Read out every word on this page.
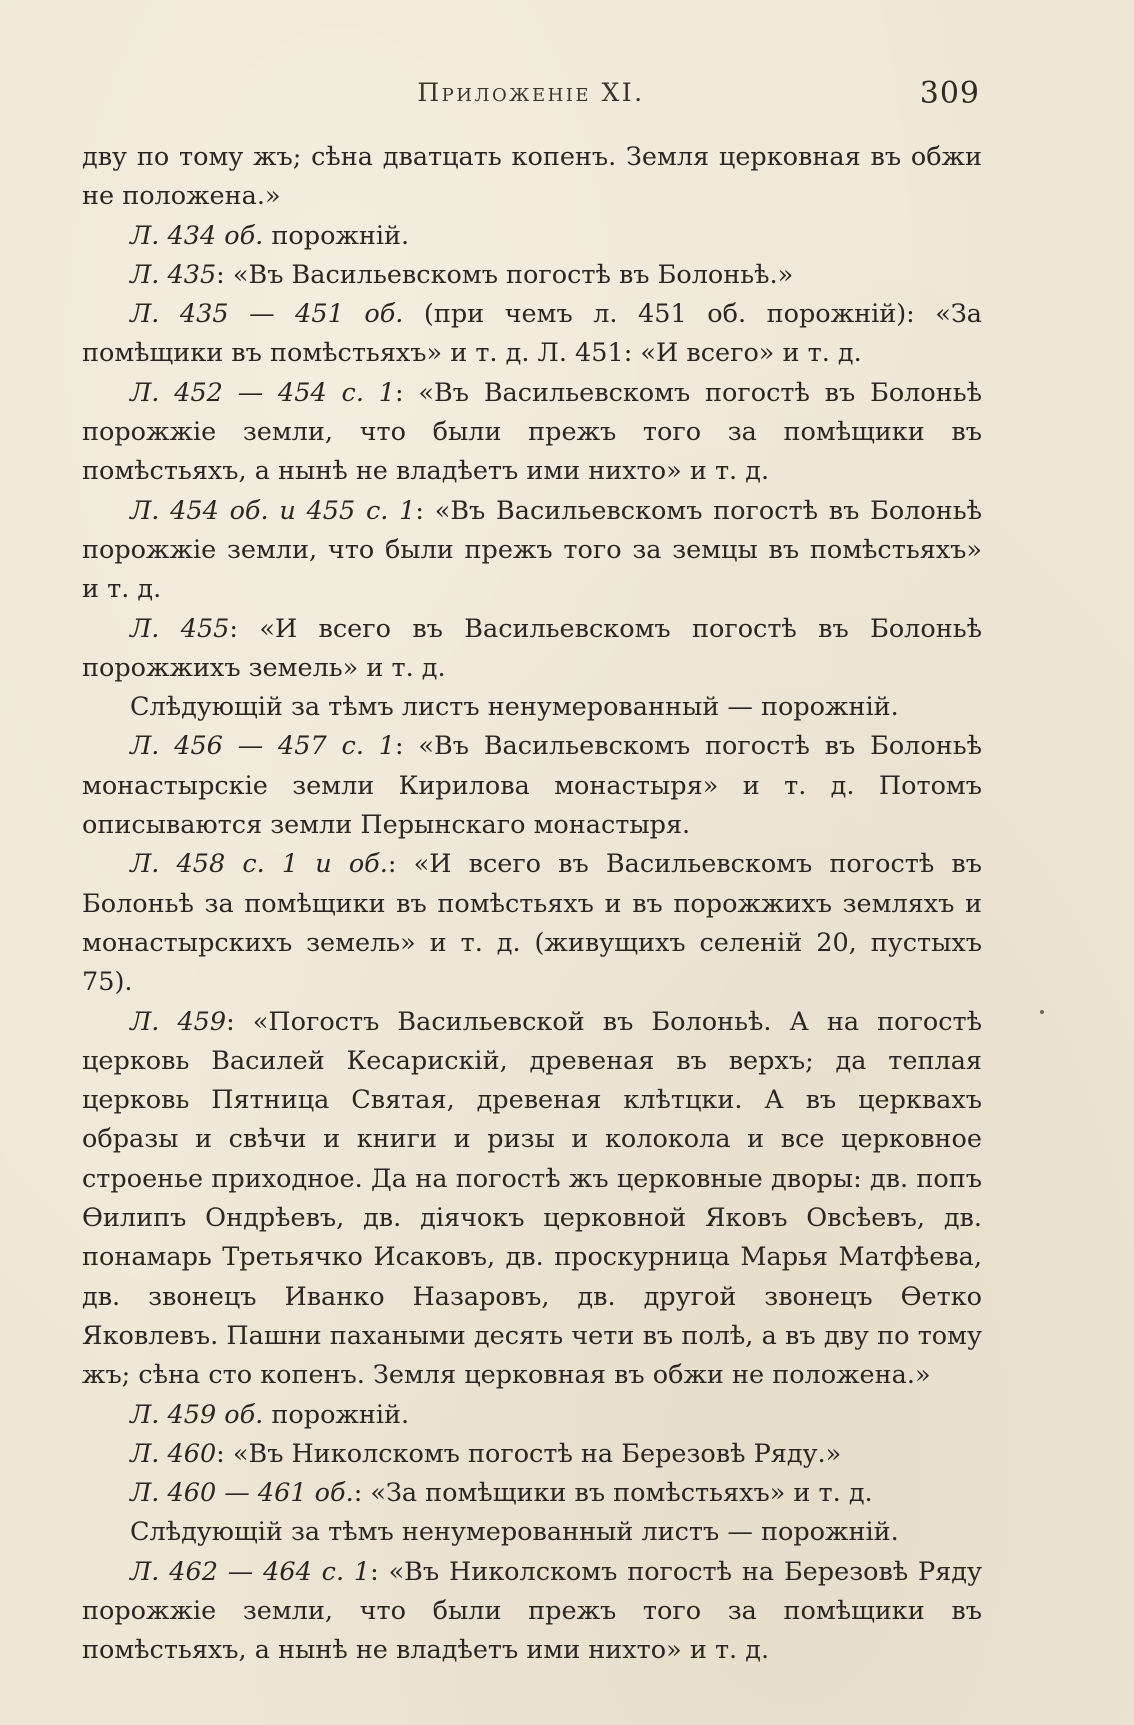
Приложеніе XI.	309

дву по тому жъ; сѣна дватцать копенъ. Земля церковная въ обжи не положена.»

Л. 434 об. порожній.

Л. 435: «Въ Васильевскомъ погостѣ въ Болоньѣ.»

Л. 435 — 451 об. (при чемъ л. 451 об. порожній): «За помѣщики въ помѣстьяхъ» и т. д. Л. 451: «И всего» и т. д.

Л. 452 — 454 с. 1: «Въ Васильевскомъ погостѣ въ Болоньѣ порожжіе земли, что были прежъ того за помѣщики въ помѣстьяхъ, а нынѣ не владѣетъ ими нихто» и т. д.

Л. 454 об. и 455 с. 1: «Въ Васильевскомъ погостѣ въ Болоньѣ порожжіе земли, что были прежъ того за земцы въ помѣстьяхъ» и т. д.

Л. 455: «И всего въ Васильевскомъ погостѣ въ Болоньѣ порожжихъ земель» и т. д.

Слѣдующій за тѣмъ листъ ненумерованный — порожній.

Л. 456 — 457 с. 1: «Въ Васильевскомъ погостѣ въ Болоньѣ монастырскіе земли Кирилова монастыря» и т. д. Потомъ описываются земли Перынскаго монастыря.

Л. 458 с. 1 и об.: «И всего въ Васильевскомъ погостѣ въ Болоньѣ за помѣщики въ помѣстьяхъ и въ порожжихъ земляхъ и монастырскихъ земель» и т. д. (живущихъ селеній 20, пустыхъ 75).

Л. 459: «Погостъ Васильевской въ Болоньѣ. А на погостѣ церковь Василей Кесарискій, древеная въ верхъ; да теплая церковь Пятница Святая, древеная клѣтцки. А въ церквахъ образы и свѣчи и книги и ризы и колокола и все церковное строенье приходное. Да на погостѣ жъ церковные дворы: дв. попъ Ѳилипъ Ондрѣевъ, дв. діячокъ церковной Яковъ Овсѣевъ, дв. понамарь Третьячко Исаковъ, дв. проскурница Марья Матфѣева, дв. звонецъ Иванко Назаровъ, дв. другой звонецъ Ѳетко Яковлевъ. Пашни пахаными десять чети въ полѣ, а въ дву по тому жъ; сѣна сто копенъ. Земля церковная въ обжи не положена.»

Л. 459 об. порожній.

Л. 460: «Въ Николскомъ погостѣ на Березовѣ Ряду.»

Л. 460 — 461 об.: «За помѣщики въ помѣстьяхъ» и т. д.

Слѣдующій за тѣмъ ненумерованный листъ — порожній.

Л. 462 — 464 с. 1: «Въ Николскомъ погостѣ на Березовѣ Ряду порожжіе земли, что были прежъ того за помѣщики въ помѣстьяхъ, а нынѣ не владѣетъ ими нихто» и т. д.
